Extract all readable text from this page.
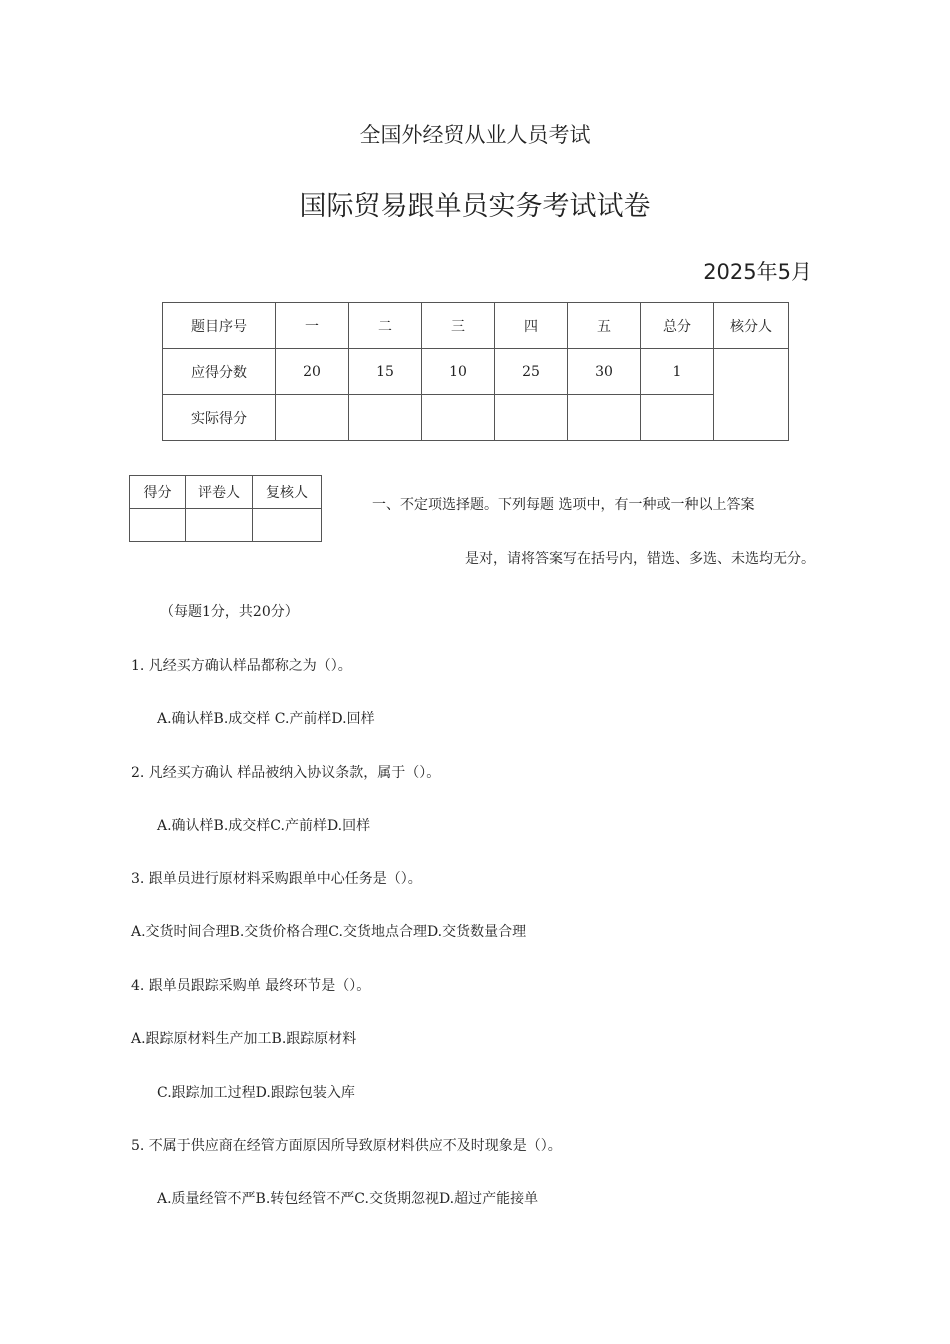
全国外经贸从业人员考试
国际贸易跟单员实务考试试卷
2025年5月
题目序号	一	二	三	四	五	总分	核分人
应得分数	20	15	10	25	30	1	
实际得分							
得分	评卷人	复核人

一、不定项选择题。下列每题 选项中，有一种或一种以上答案
是对，请将答案写在括号内，错选、多选、未选均无分。
（每题1分，共20分）
1. 凡经买方确认样品都称之为（）。
A.确认样B.成交样 C.产前样D.回样
2. 凡经买方确认 样品被纳入协议条款，属于（）。
A.确认样B.成交样C.产前样D.回样
3. 跟单员进行原材料采购跟单中心任务是（）。
A.交货时间合理B.交货价格合理C.交货地点合理D.交货数量合理
4. 跟单员跟踪采购单 最终环节是（）。
A.跟踪原材料生产加工B.跟踪原材料
C.跟踪加工过程D.跟踪包装入库
5. 不属于供应商在经管方面原因所导致原材料供应不及时现象是（）。
A.质量经管不严B.转包经管不严C.交货期忽视D.超过产能接单
